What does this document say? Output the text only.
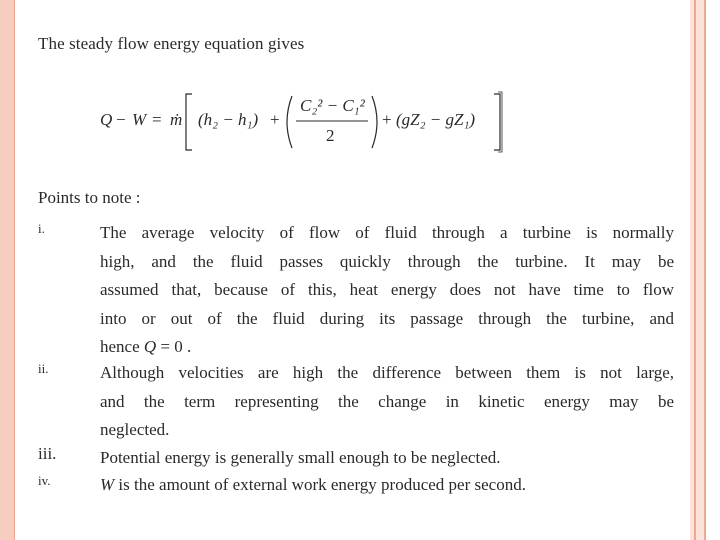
The steady flow energy equation gives
Q − W = ṁ (h₂ − h₁) +
C₂² − C₁²
2
+ (gZ₂ − gZ₁)
Points to note :
i.	The average velocity of flow of fluid through a turbine is normally
high, and the fluid passes quickly through the turbine. It may be
assumed that, because of this, heat energy does not have time to flow
into or out of the fluid during its passage through the turbine, and
hence Q = 0 .
ii.	Although velocities are high the difference between them is not large,
and the term representing the change in kinetic energy may be
neglected.
iii.	Potential energy is generally small enough to be neglected.
iv.	W is the amount of external work energy produced per second.
